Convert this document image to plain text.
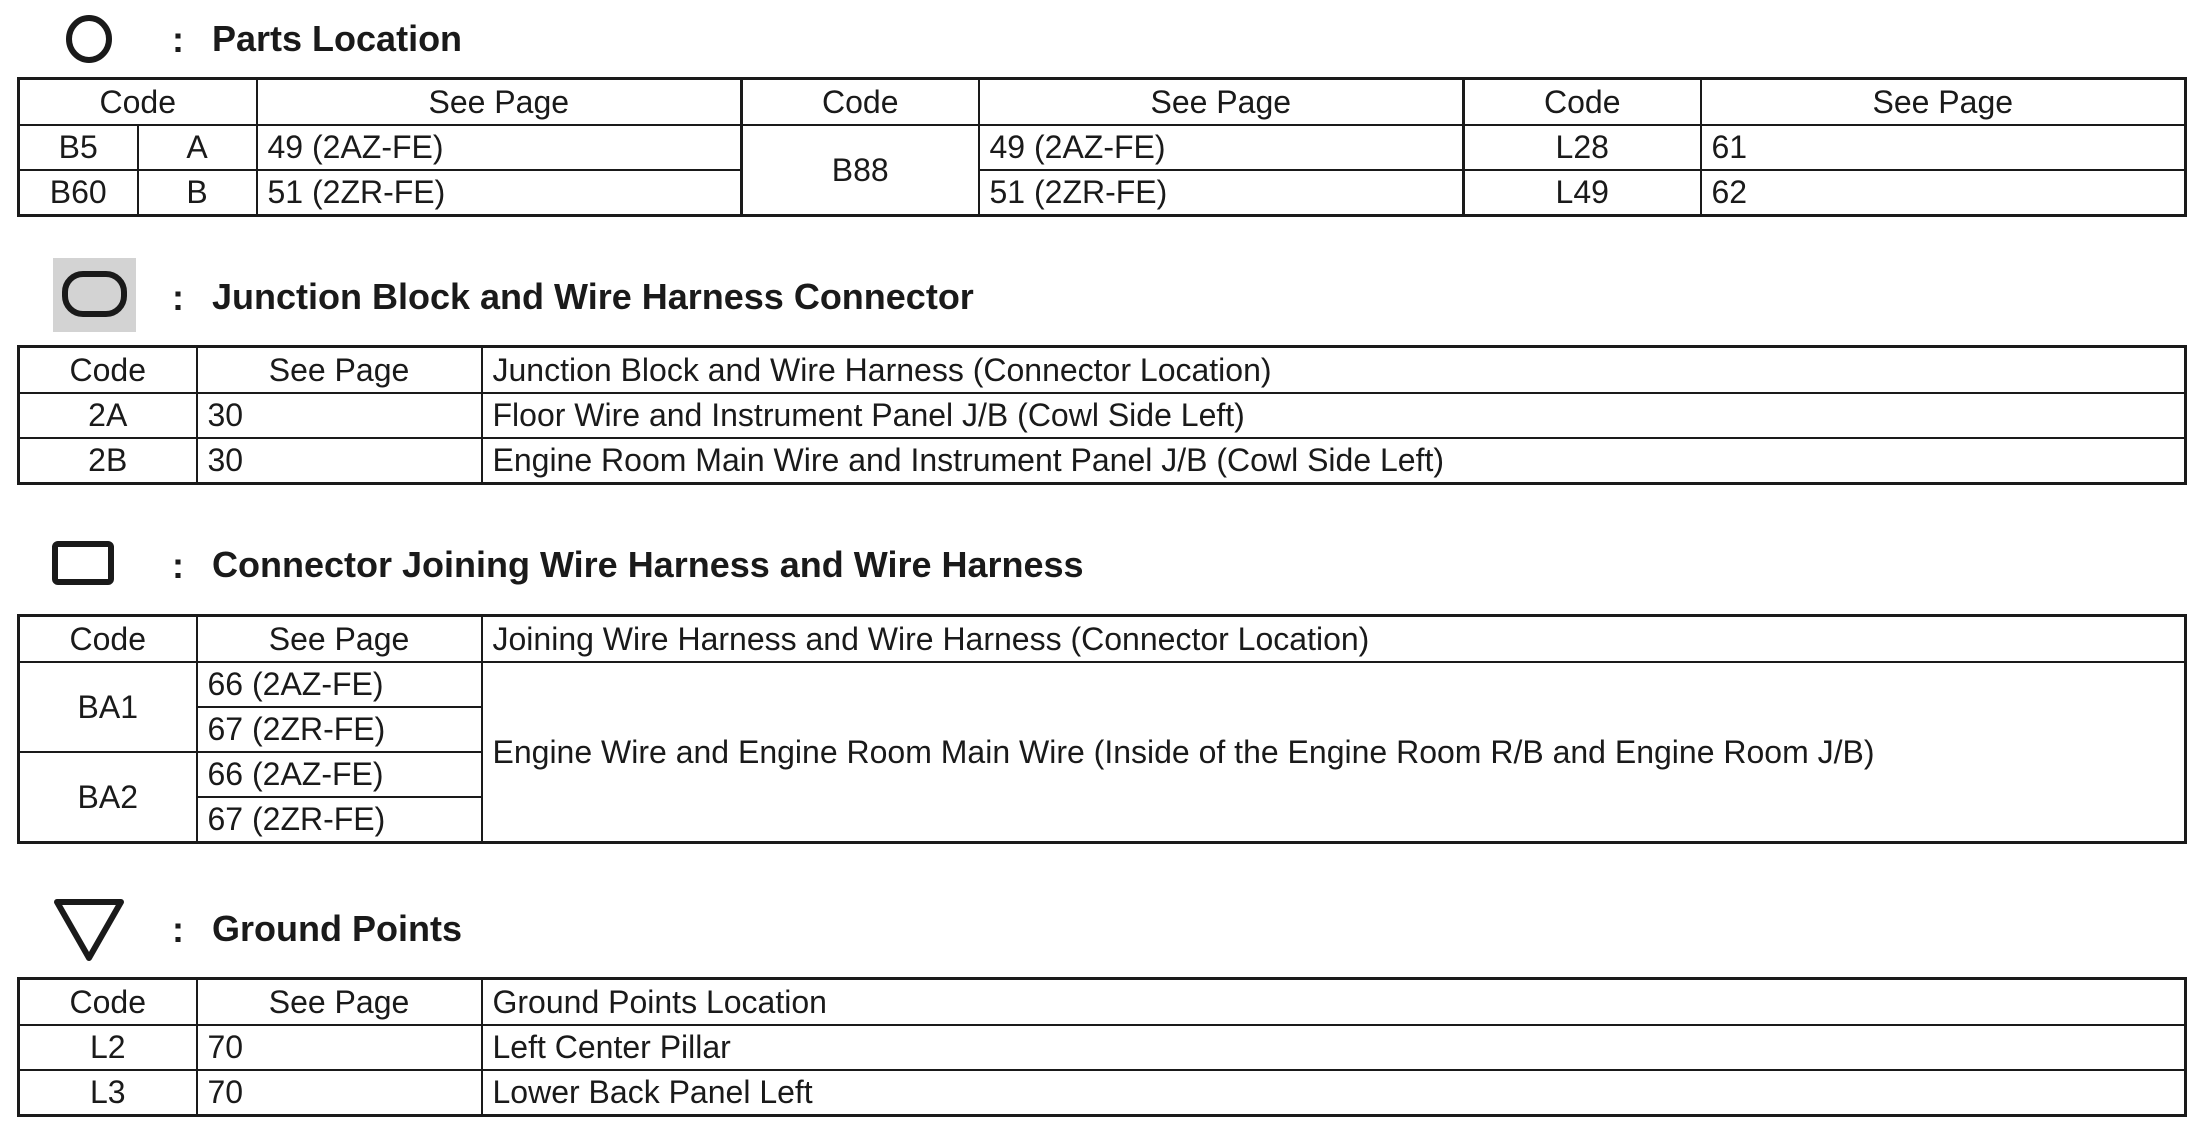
: Parts Location
Code		See Page	Code	See Page	Code	See Page
B5	A	49 (2AZ-FE)	B88	49 (2AZ-FE)	L28	61
B60	B	51 (2ZR-FE)		51 (2ZR-FE)	L49	62
: Junction Block and Wire Harness Connector
Code	See Page	Junction Block and Wire Harness (Connector Location)
2A	30	Floor Wire and Instrument Panel J/B (Cowl Side Left)
2B	30	Engine Room Main Wire and Instrument Panel J/B (Cowl Side Left)
: Connector Joining Wire Harness and Wire Harness
Code	See Page	Joining Wire Harness and Wire Harness (Connector Location)
BA1	66 (2AZ-FE)	Engine Wire and Engine Room Main Wire (Inside of the Engine Room R/B and Engine Room J/B)
	67 (2ZR-FE)	
BA2	66 (2AZ-FE)	
	67 (2ZR-FE)	
: Ground Points
Code	See Page	Ground Points Location
L2	70	Left Center Pillar
L3	70	Lower Back Panel Left
